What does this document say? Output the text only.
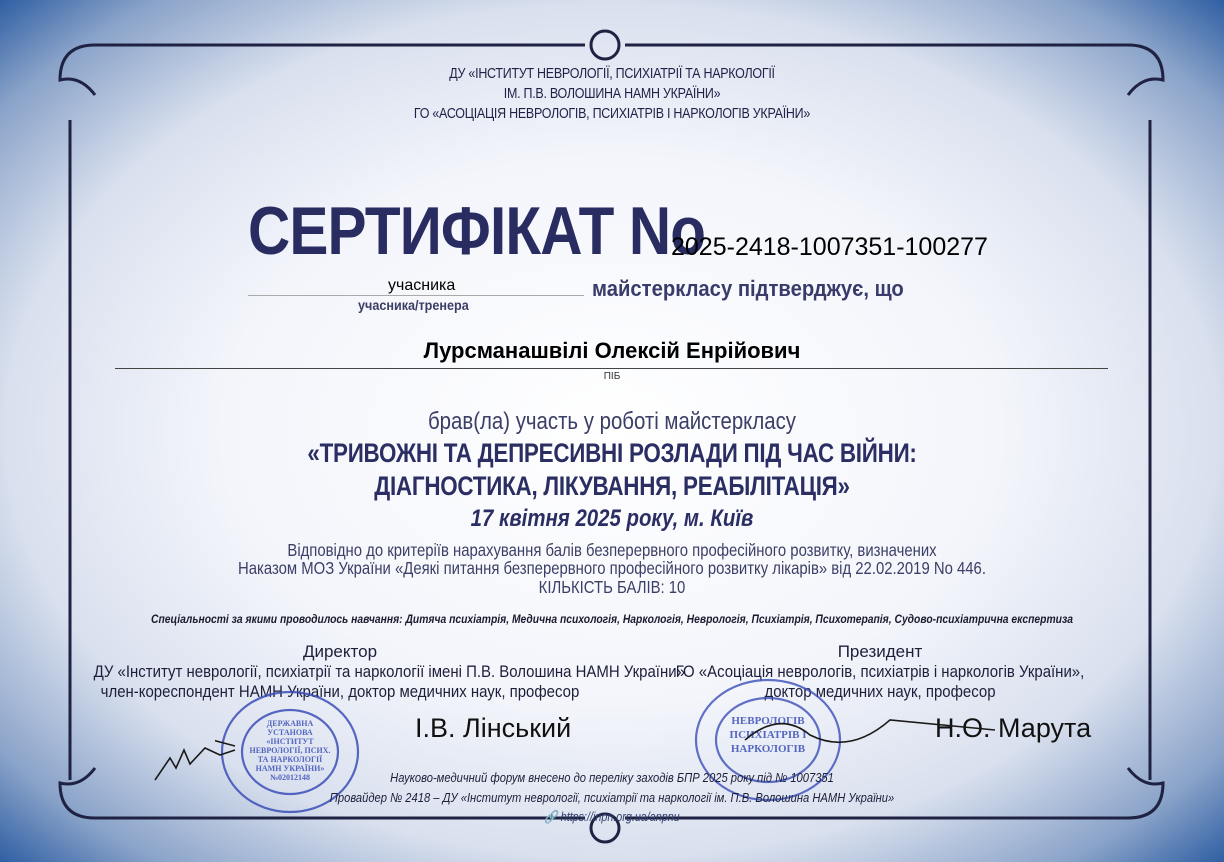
ДУ «ІНСТИТУТ НЕВРОЛОГІЇ, ПСИХІАТРІЇ ТА НАРКОЛОГІЇ
ІМ. П.В. ВОЛОШИНА НАМН УКРАЇНИ»
ГО «АСОЦІАЦІЯ НЕВРОЛОГІВ, ПСИХІАТРІВ І НАРКОЛОГІВ УКРАЇНИ»
СЕРТИФІКАТ No
2025-2418-1007351-100277
учасника
учасника/тренера
майстеркласу підтверджує, що
Лурсманашвілі Олексій Енрійович
ПІБ
брав(ла) участь у роботі майстеркласу
«ТРИВОЖНІ ТА ДЕПРЕСИВНІ РОЗЛАДИ ПІД ЧАС ВІЙНИ:
ДІАГНОСТИКА, ЛІКУВАННЯ, РЕАБІЛІТАЦІЯ»
17 квітня 2025 року, м. Київ
Відповідно до критеріїв нарахування балів безперервного професійного розвитку, визначених
Наказом МОЗ України «Деякі питання безперервного професійного розвитку лікарів» від 22.02.2019 No 446.
КІЛЬКІСТЬ БАЛІВ: 10
Спеціальності за якими проводилось навчання: Дитяча психіатрія, Медична психологія, Наркологія, Неврологія, Психіатрія, Психотерапія, Судово-психіатрична експертиза
Директор
ДУ «Інститут неврології, психіатрії та наркології імені П.В. Волошина НАМН України»
член-кореспондент НАМН України, доктор медичних наук, професор
І.В. Лінський
Президент
ГО «Асоціація неврологів, психіатрів і наркологів України»,
доктор медичних наук, професор
Н.О. Марута
ДЕРЖАВНА
УСТАНОВА
«ІНСТИТУТ
НЕВРОЛОГІЇ, ПСИХ.
ТА НАРКОЛОГІЇ
НАМН УКРАЇНИ»
№02012148
НЕВРОЛОГІВ
ПСИХІАТРІВ І
НАРКОЛОГІВ
Науково-медичний форум внесено до переліку заходів БПР 2025 року під № 1007351
Провайдер № 2418 – ДУ «Інститут неврології, психіатрії та наркології ім. П.В. Волошина НАМН України»
🔗 https://inpn.org.ua/anpnu
